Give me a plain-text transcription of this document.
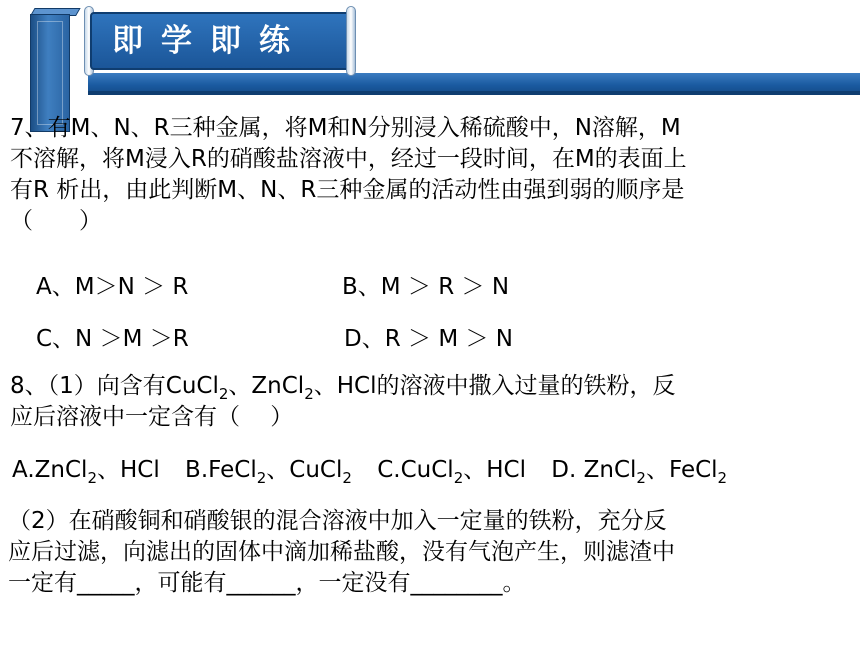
即学即练
7、有M、N、R三种金属，将M和N分别浸入稀硫酸中，N溶解，M
不溶解，将M浸入R的硝酸盐溶液中，经过一段时间，在M的表面上
有R 析出，由此判断M、N、R三种金属的活动性由强到弱的顺序是
（　　）
A、M＞N ＞ R	B、M ＞ R ＞ N
C、N ＞M ＞R	D、R ＞ M ＞ N
8、（1）向含有CuCl$_2$、ZnCl$_2$、HCl的溶液中撒入过量的铁粉，反
应后溶液中一定含有（　 ）
A.ZnCl$_2$、HCl B.FeCl$_2$、CuCl$_2$ C.CuCl$_2$、HCl D. ZnCl$_2$、FeCl$_2$
（2）在硝酸铜和硝酸银的混合溶液中加入一定量的铁粉，充分反
应后过滤，向滤出的固体中滴加稀盐酸，没有气泡产生，则滤渣中
一定有_____，可能有______，一定没有________。
